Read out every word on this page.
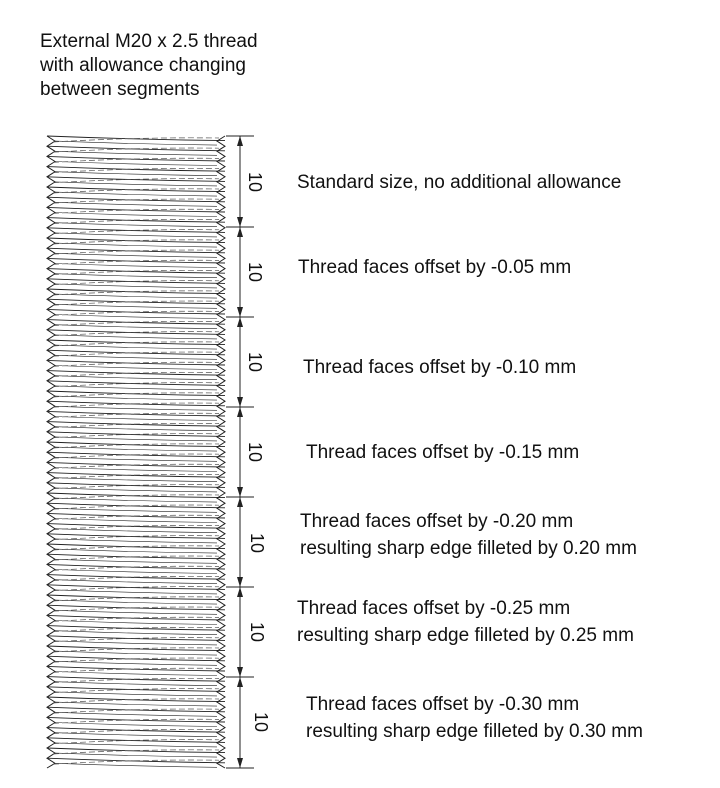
External M20 x 2.5 thread
with allowance changing
between segments
10
10
10
10
10
10
10
Standard size, no additional allowance
Thread faces offset by -0.05 mm
Thread faces offset by -0.10 mm
Thread faces offset by -0.15 mm
Thread faces offset by -0.20 mm
resulting sharp edge filleted by 0.20 mm
Thread faces offset by -0.25 mm
resulting sharp edge filleted by 0.25 mm
Thread faces offset by -0.30 mm
resulting sharp edge filleted by 0.30 mm
